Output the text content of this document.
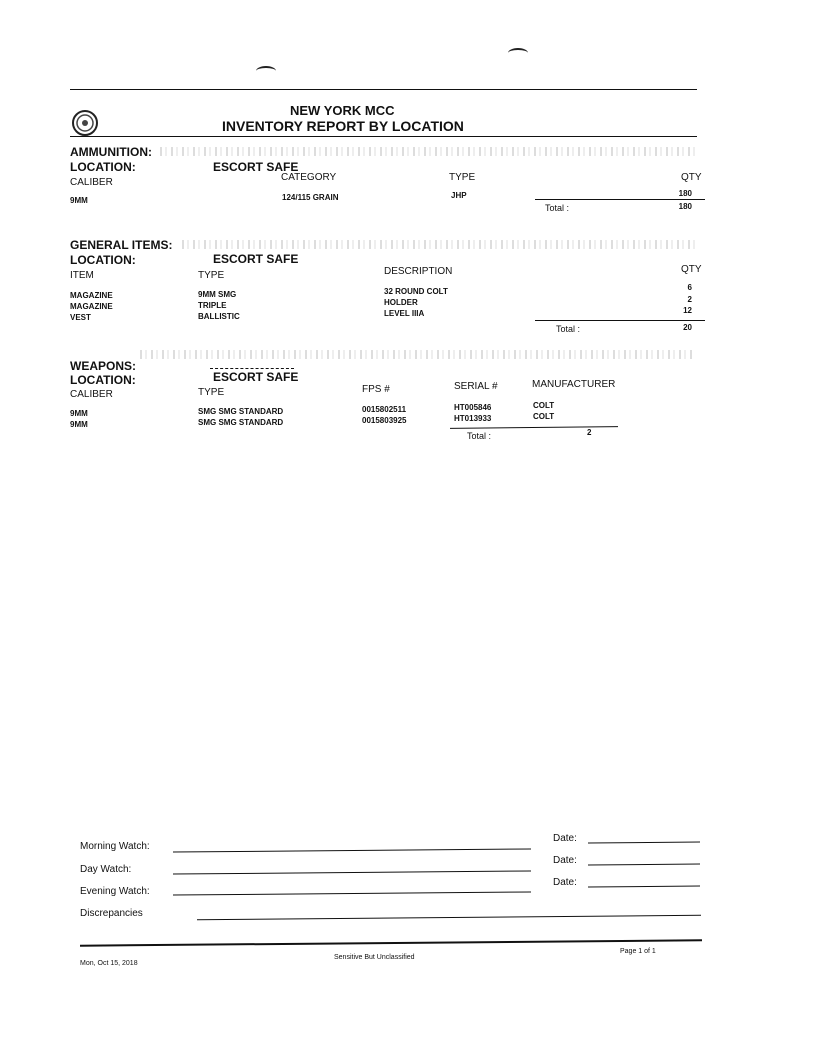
NEW YORK MCC
INVENTORY REPORT BY LOCATION
AMMUNITION:
LOCATION:	ESCORT SAFE
CALIBER	CATEGORY	TYPE	QTY
9MM	124/115 GRAIN	JHP	180
Total :	180
GENERAL ITEMS:
LOCATION:	ESCORT SAFE
ITEM	TYPE	DESCRIPTION	QTY
MAGAZINE	9MM SMG	32 ROUND COLT	6
MAGAZINE	TRIPLE	HOLDER	2
VEST	BALLISTIC	LEVEL IIIA	12
Total :	20
WEAPONS:
LOCATION:	ESCORT SAFE
CALIBER	TYPE	FPS #	SERIAL #	MANUFACTURER
9MM	SMG SMG STANDARD	0015802511	HT005846	COLT
9MM	SMG SMG STANDARD	0015803925	HT013933	COLT
Total :	2
Morning Watch:
Date:
Day Watch:
Date:
Evening Watch:
Date:
Discrepancies
Mon, Oct 15, 2018
Sensitive But Unclassified
Page 1 of 1
